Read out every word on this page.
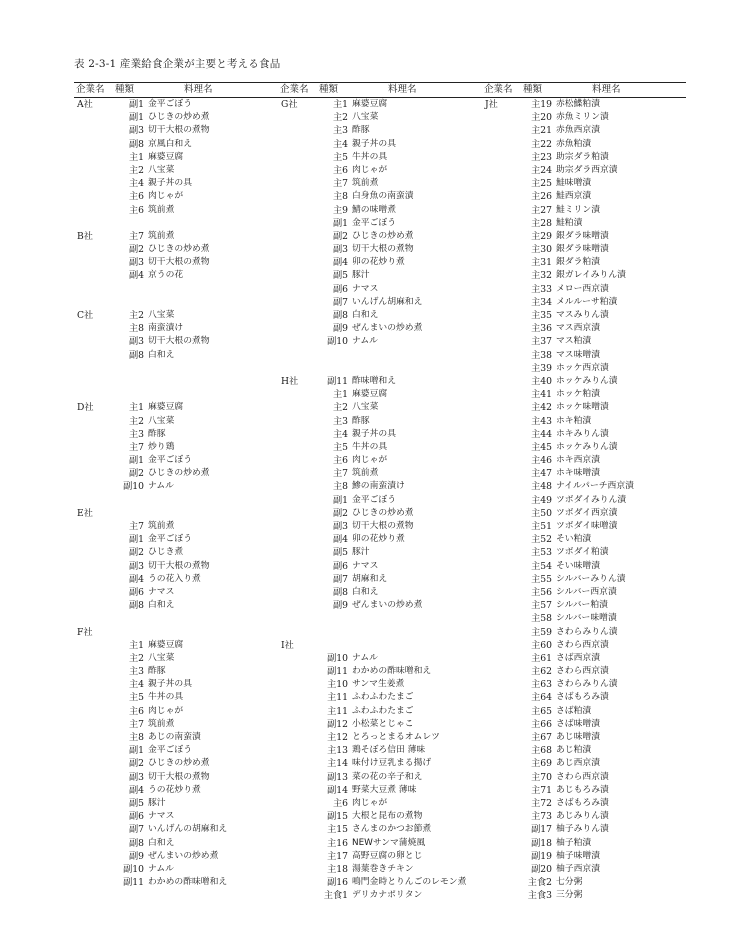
表 2-3-1 産業給食企業が主要と考える食品
企業名 種類	料理名
A社	副1 金平ごぼう
副1 ひじきの炒め煮
副3 切干大根の煮物
副8 京風白和え
主1 麻婆豆腐
主2 八宝菜
主4 親子丼の具
主6 肉じゃが
主6 筑前煮
B社	主7 筑前煮
副2 ひじきの炒め煮
副3 切干大根の煮物
副4 京うの花
C社	主2 八宝菜
主8 南蛮漬け
副3 切干大根の煮物
副8 白和え
D社	主1 麻婆豆腐
主2 八宝菜
主3 酢豚
主7 炒り鶏
副1 金平ごぼう
副2 ひじきの炒め煮
副10 ナムル
E社
主7 筑前煮
副1 金平ごぼう
副2 ひじき煮
副3 切干大根の煮物
副4 うの花入り煮
副6 ナマス
副8 白和え
F社
主1 麻婆豆腐
主2 八宝菜
主3 酢豚
主4 親子丼の具
主5 牛丼の具
主6 肉じゃが
主7 筑前煮
主8 あじの南蛮漬
副1 金平ごぼう
副2 ひじきの炒め煮
副3 切干大根の煮物
副4 うの花炒り煮
副5 豚汁
副6 ナマス
副7 いんげんの胡麻和え
副8 白和え
副9 ぜんまいの炒め煮
副10 ナムル
副11 わかめの酢味噌和え
企業名 種類	料理名
G社	主1 麻婆豆腐
主2 八宝菜
主3 酢豚
主4 親子丼の具
主5 牛丼の具
主6 肉じゃが
主7 筑前煮
主8 白身魚の南蛮漬
主9 鯖の味噌煮
副1 金平ごぼう
副2 ひじきの炒め煮
副3 切干大根の煮物
副4 卯の花炒り煮
副5 豚汁
副6 ナマス
副7 いんげん胡麻和え
副8 白和え
副9 ぜんまいの炒め煮
副10 ナムル
H社	副11 酢味噌和え
主1 麻婆豆腐
主2 八宝菜
主3 酢豚
主4 親子丼の具
主5 牛丼の具
主6 肉じゃが
主7 筑前煮
主8 鯵の南蛮漬け
副1 金平ごぼう
副2 ひじきの炒め煮
副3 切干大根の煮物
副4 卯の花炒り煮
副5 豚汁
副6 ナマス
副7 胡麻和え
副8 白和え
副9 ぜんまいの炒め煮
I社
副10 ナムル
副11 わかめの酢味噌和え
主10 サンマ生姜煮
主11 ふわふわたまご
主11 ふわふわたまご
副12 小松菜とじゃこ
主12 とろっとまるオムレツ
主13 鶏そぼろ信田 薄味
主14 味付け豆乳まる揚げ
副13 菜の花の辛子和え
副14 野菜大豆煮 薄味
主6 肉じゃが
副15 大根と昆布の煮物
主15 さんまのかつお節煮
主16 NEWサンマ蒲焼風
主17 高野豆腐の卵とじ
主18 湯葉巻きチキン
副16 鳴門金時とりんごのレモン煮
主食1 デリカナポリタン
企業名 種類	料理名
J社	主19 赤松鰈粕漬
主20 赤魚ミリン漬
主21 赤魚西京漬
主22 赤魚粕漬
主23 助宗ダラ粕漬
主24 助宗ダラ西京漬
主25 鮭味噌漬
主26 鮭西京漬
主27 鮭ミリン漬
主28 鮭粕漬
主29 銀ダラ味噌漬
主30 銀ダラ味噌漬
主31 銀ダラ粕漬
主32 銀ガレイみりん漬
主33 メロー西京漬
主34 メルルーサ粕漬
主35 マスみりん漬
主36 マス西京漬
主37 マス粕漬
主38 マス味噌漬
主39 ホッケ西京漬
主40 ホッケみりん漬
主41 ホッケ粕漬
主42 ホッケ味噌漬
主43 ホキ粕漬
主44 ホキみりん漬
主45 ホッケみりん漬
主46 ホキ西京漬
主47 ホキ味噌漬
主48 ナイルパーチ西京漬
主49 ツボダイみりん漬
主50 ツボダイ西京漬
主51 ツボダイ味噌漬
主52 そい粕漬
主53 ツボダイ粕漬
主54 そい味噌漬
主55 シルバーみりん漬
主56 シルバー西京漬
主57 シルバー粕漬
主58 シルバー味噌漬
主59 さわらみりん漬
主60 さわら西京漬
主61 さば西京漬
主62 さわら西京漬
主63 さわらみりん漬
主64 さばもろみ漬
主65 さば粕漬
主66 さば味噌漬
主67 あじ味噌漬
主68 あじ粕漬
主69 あじ西京漬
主70 さわら西京漬
主71 あじもろみ漬
主72 さばもろみ漬
主73 あじみりん漬
副17 柚子みりん漬
副18 柚子粕漬
副19 柚子味噌漬
副20 柚子西京漬
主食2 七分粥
主食3 三分粥
